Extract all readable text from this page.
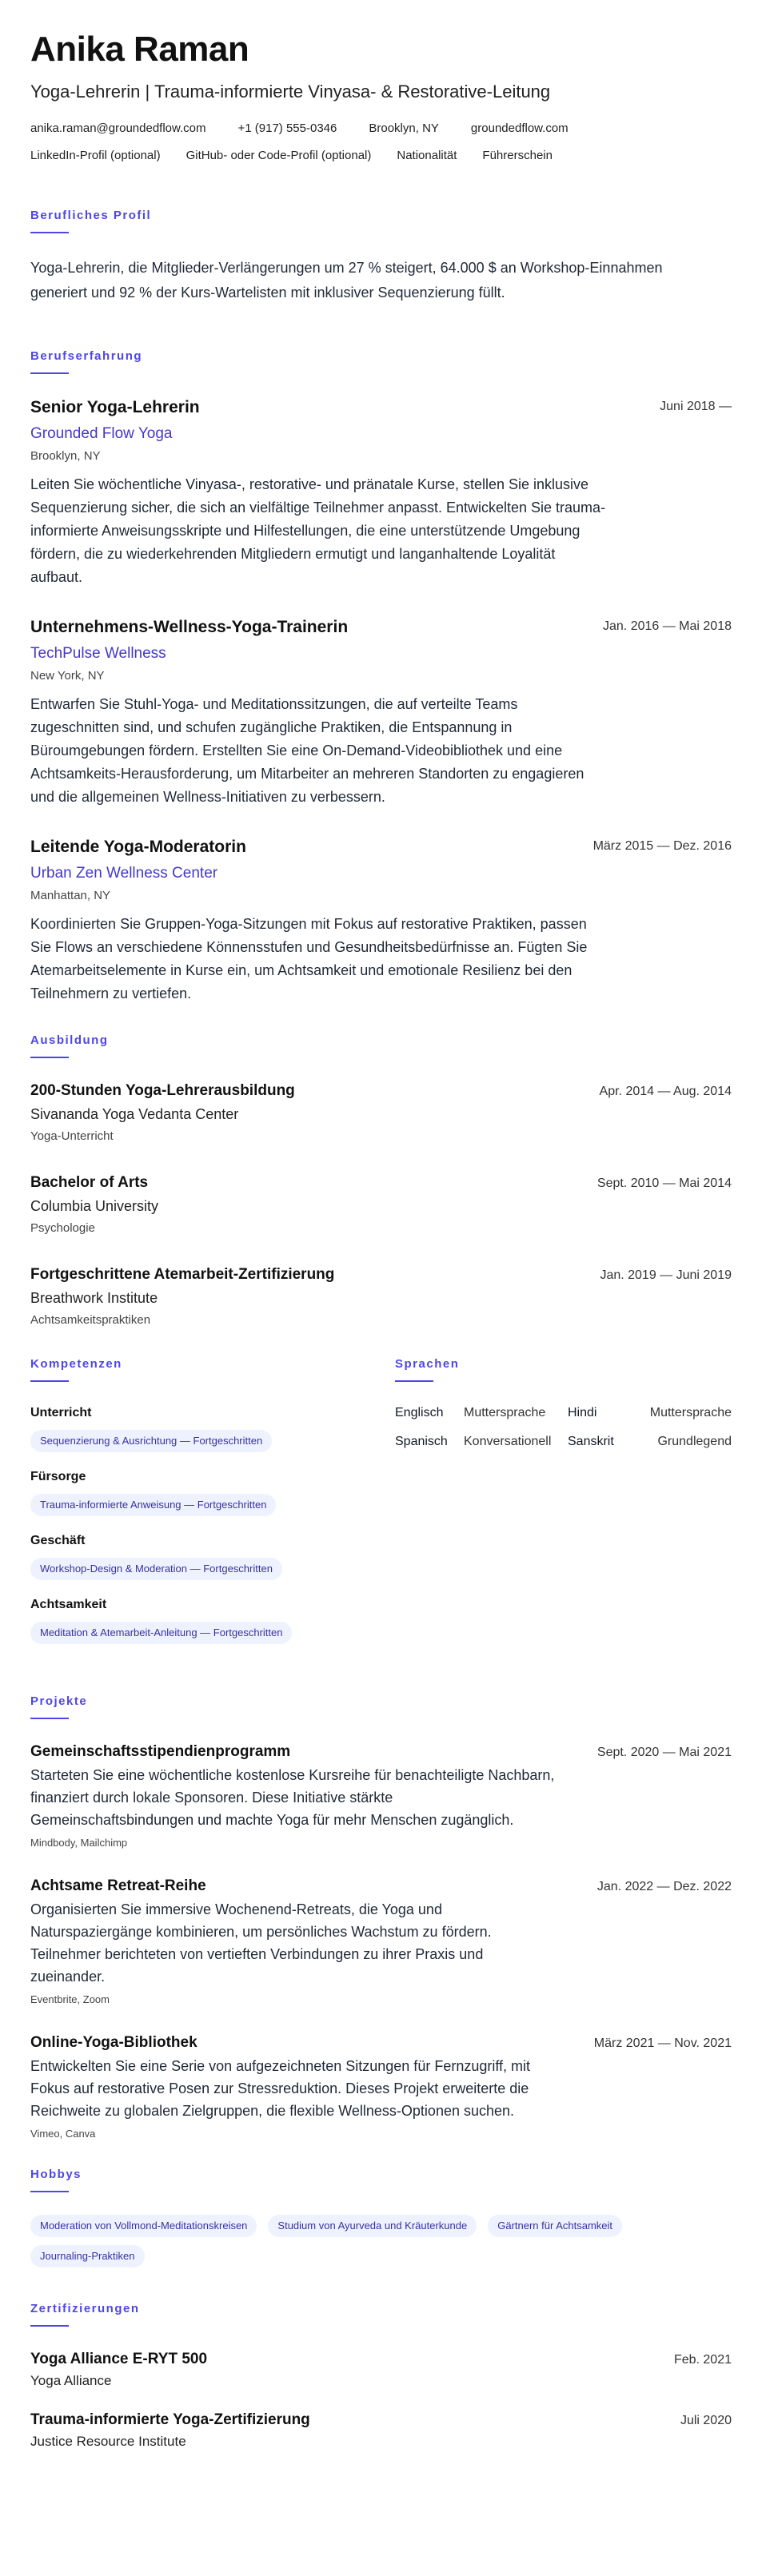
Anika Raman
Yoga-Lehrerin | Trauma-informierte Vinyasa- & Restorative-Leitung
anika.raman@groundedflow.com	+1 (917) 555-0346	Brooklyn, NY	groundedflow.com
LinkedIn-Profil (optional) GitHub- oder Code-Profil (optional) Nationalität Führerschein
Berufliches Profil

Yoga-Lehrerin, die Mitglieder-Verlängerungen um 27 % steigert, 64.000 $ an Workshop-Einnahmen generiert und 92 % der Kurs-Wartelisten mit inklusiver Sequenzierung füllt.

Berufserfahrung
Senior Yoga-Lehrerin	Juni 2018 —
Grounded Flow Yoga
Brooklyn, NY

Leiten Sie wöchentliche Vinyasa-, restorative- und pränatale Kurse, stellen Sie inklusive Sequenzierung sicher, die sich an vielfältige Teilnehmer anpasst. Entwickelten Sie trauma-informierte Anweisungsskripte und Hilfestellungen, die eine unterstützende Umgebung fördern, die zu wiederkehrenden Mitgliedern ermutigt und langanhaltende Loyalität aufbaut.

Unternehmens-Wellness-Yoga-Trainerin	Jan. 2016 — Mai 2018
TechPulse Wellness
New York, NY

Entwarfen Sie Stuhl-Yoga- und Meditationssitzungen, die auf verteilte Teams zugeschnitten sind, und schufen zugängliche Praktiken, die Entspannung in Büroumgebungen fördern. Erstellten Sie eine On-Demand-Videobibliothek und eine Achtsamkeits-Herausforderung, um Mitarbeiter an mehreren Standorten zu engagieren und die allgemeinen Wellness-Initiativen zu verbessern.

Leitende Yoga-Moderatorin	März 2015 — Dez. 2016
Urban Zen Wellness Center
Manhattan, NY

Koordinierten Sie Gruppen-Yoga-Sitzungen mit Fokus auf restorative Praktiken, passen Sie Flows an verschiedene Könnensstufen und Gesundheitsbedürfnisse an. Fügten Sie Atemarbeitselemente in Kurse ein, um Achtsamkeit und emotionale Resilienz bei den Teilnehmern zu vertiefen.

Ausbildung
200-Stunden Yoga-Lehrerausbildung	Apr. 2014 — Aug. 2014
Sivananda Yoga Vedanta Center
Yoga-Unterricht
Bachelor of Arts	Sept. 2010 — Mai 2014
Columbia University
Psychologie
Fortgeschrittene Atemarbeit-Zertifizierung	Jan. 2019 — Juni 2019
Breathwork Institute
Achtsamkeitspraktiken
Kompetenzen
Unterricht
Sequenzierung & Ausrichtung — Fortgeschritten
Fürsorge
Trauma-informierte Anweisung — Fortgeschritten
Geschäft
Workshop-Design & Moderation — Fortgeschritten
Achtsamkeit
Meditation & Atemarbeit-Anleitung — Fortgeschritten
Sprachen
Englisch	Muttersprache	Hindi	Muttersprache
Spanisch	Konversationell	Sanskrit	Grundlegend
Projekte
Gemeinschaftsstipendienprogramm	Sept. 2020 — Mai 2021

Starteten Sie eine wöchentliche kostenlose Kursreihe für benachteiligte Nachbarn, finanziert durch lokale Sponsoren. Diese Initiative stärkte Gemeinschaftsbindungen und machte Yoga für mehr Menschen zugänglich.

Mindbody, Mailchimp
Achtsame Retreat-Reihe	Jan. 2022 — Dez. 2022

Organisierten Sie immersive Wochenend-Retreats, die Yoga und Naturspaziergänge kombinieren, um persönliches Wachstum zu fördern. Teilnehmer berichteten von vertieften Verbindungen zu ihrer Praxis und zueinander.

Eventbrite, Zoom
Online-Yoga-Bibliothek	März 2021 — Nov. 2021

Entwickelten Sie eine Serie von aufgezeichneten Sitzungen für Fernzugriff, mit Fokus auf restorative Posen zur Stressreduktion. Dieses Projekt erweiterte die Reichweite zu globalen Zielgruppen, die flexible Wellness-Optionen suchen.

Vimeo, Canva
Hobbys
Moderation von Vollmond-Meditationskreisen	Studium von Ayurveda und Kräuterkunde	Gärtnern für Achtsamkeit
Journaling-Praktiken
Zertifizierungen
Yoga Alliance E-RYT 500	Feb. 2021
Yoga Alliance
Trauma-informierte Yoga-Zertifizierung	Juli 2020
Justice Resource Institute
